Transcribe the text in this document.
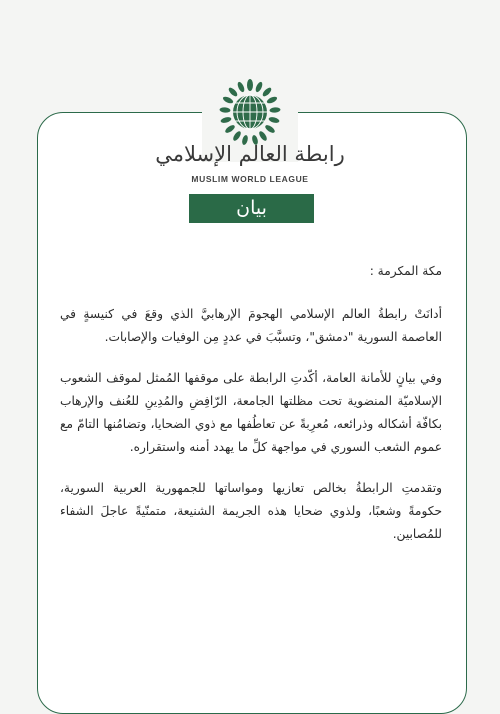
رابطة العالم الإسلامي
MUSLIM WORLD LEAGUE
بيان

مكة المكرمة :

أدانَتْ رابطةُ العالم الإسلامي الهجومَ الإرهابيَّ الذي وقعَ في كنيسةٍ في العاصمة السورية "دمشق"، وتسبَّبَ في عددٍ مِن الوفيات والإصابات.

وفي بيانٍ للأمانة العامة، أكّدتِ الرابطة على موقفها المُمثل لموقف الشعوب الإسلاميّة المنضوية تحت مظلتها الجامعة، الرّافِضِ والمُدِينِ للعُنف والإرهاب بكافّة أشكاله وذرائعه، مُعرِبةً عن تعاطُفها مع ذوي الضحايا، وتضامُنها التامّ مع عموم الشعب السوري في مواجهة كلِّ ما يهدد أمنه واستقراره.

وتقدمتِ الرابطةُ بخالص تعازيها ومواساتها للجمهورية العربية السورية، حكومةً وشعبًا، ولذوي ضحايا هذه الجريمة الشنيعة، متمنّيةً عاجلَ الشفاء للمُصابين.
